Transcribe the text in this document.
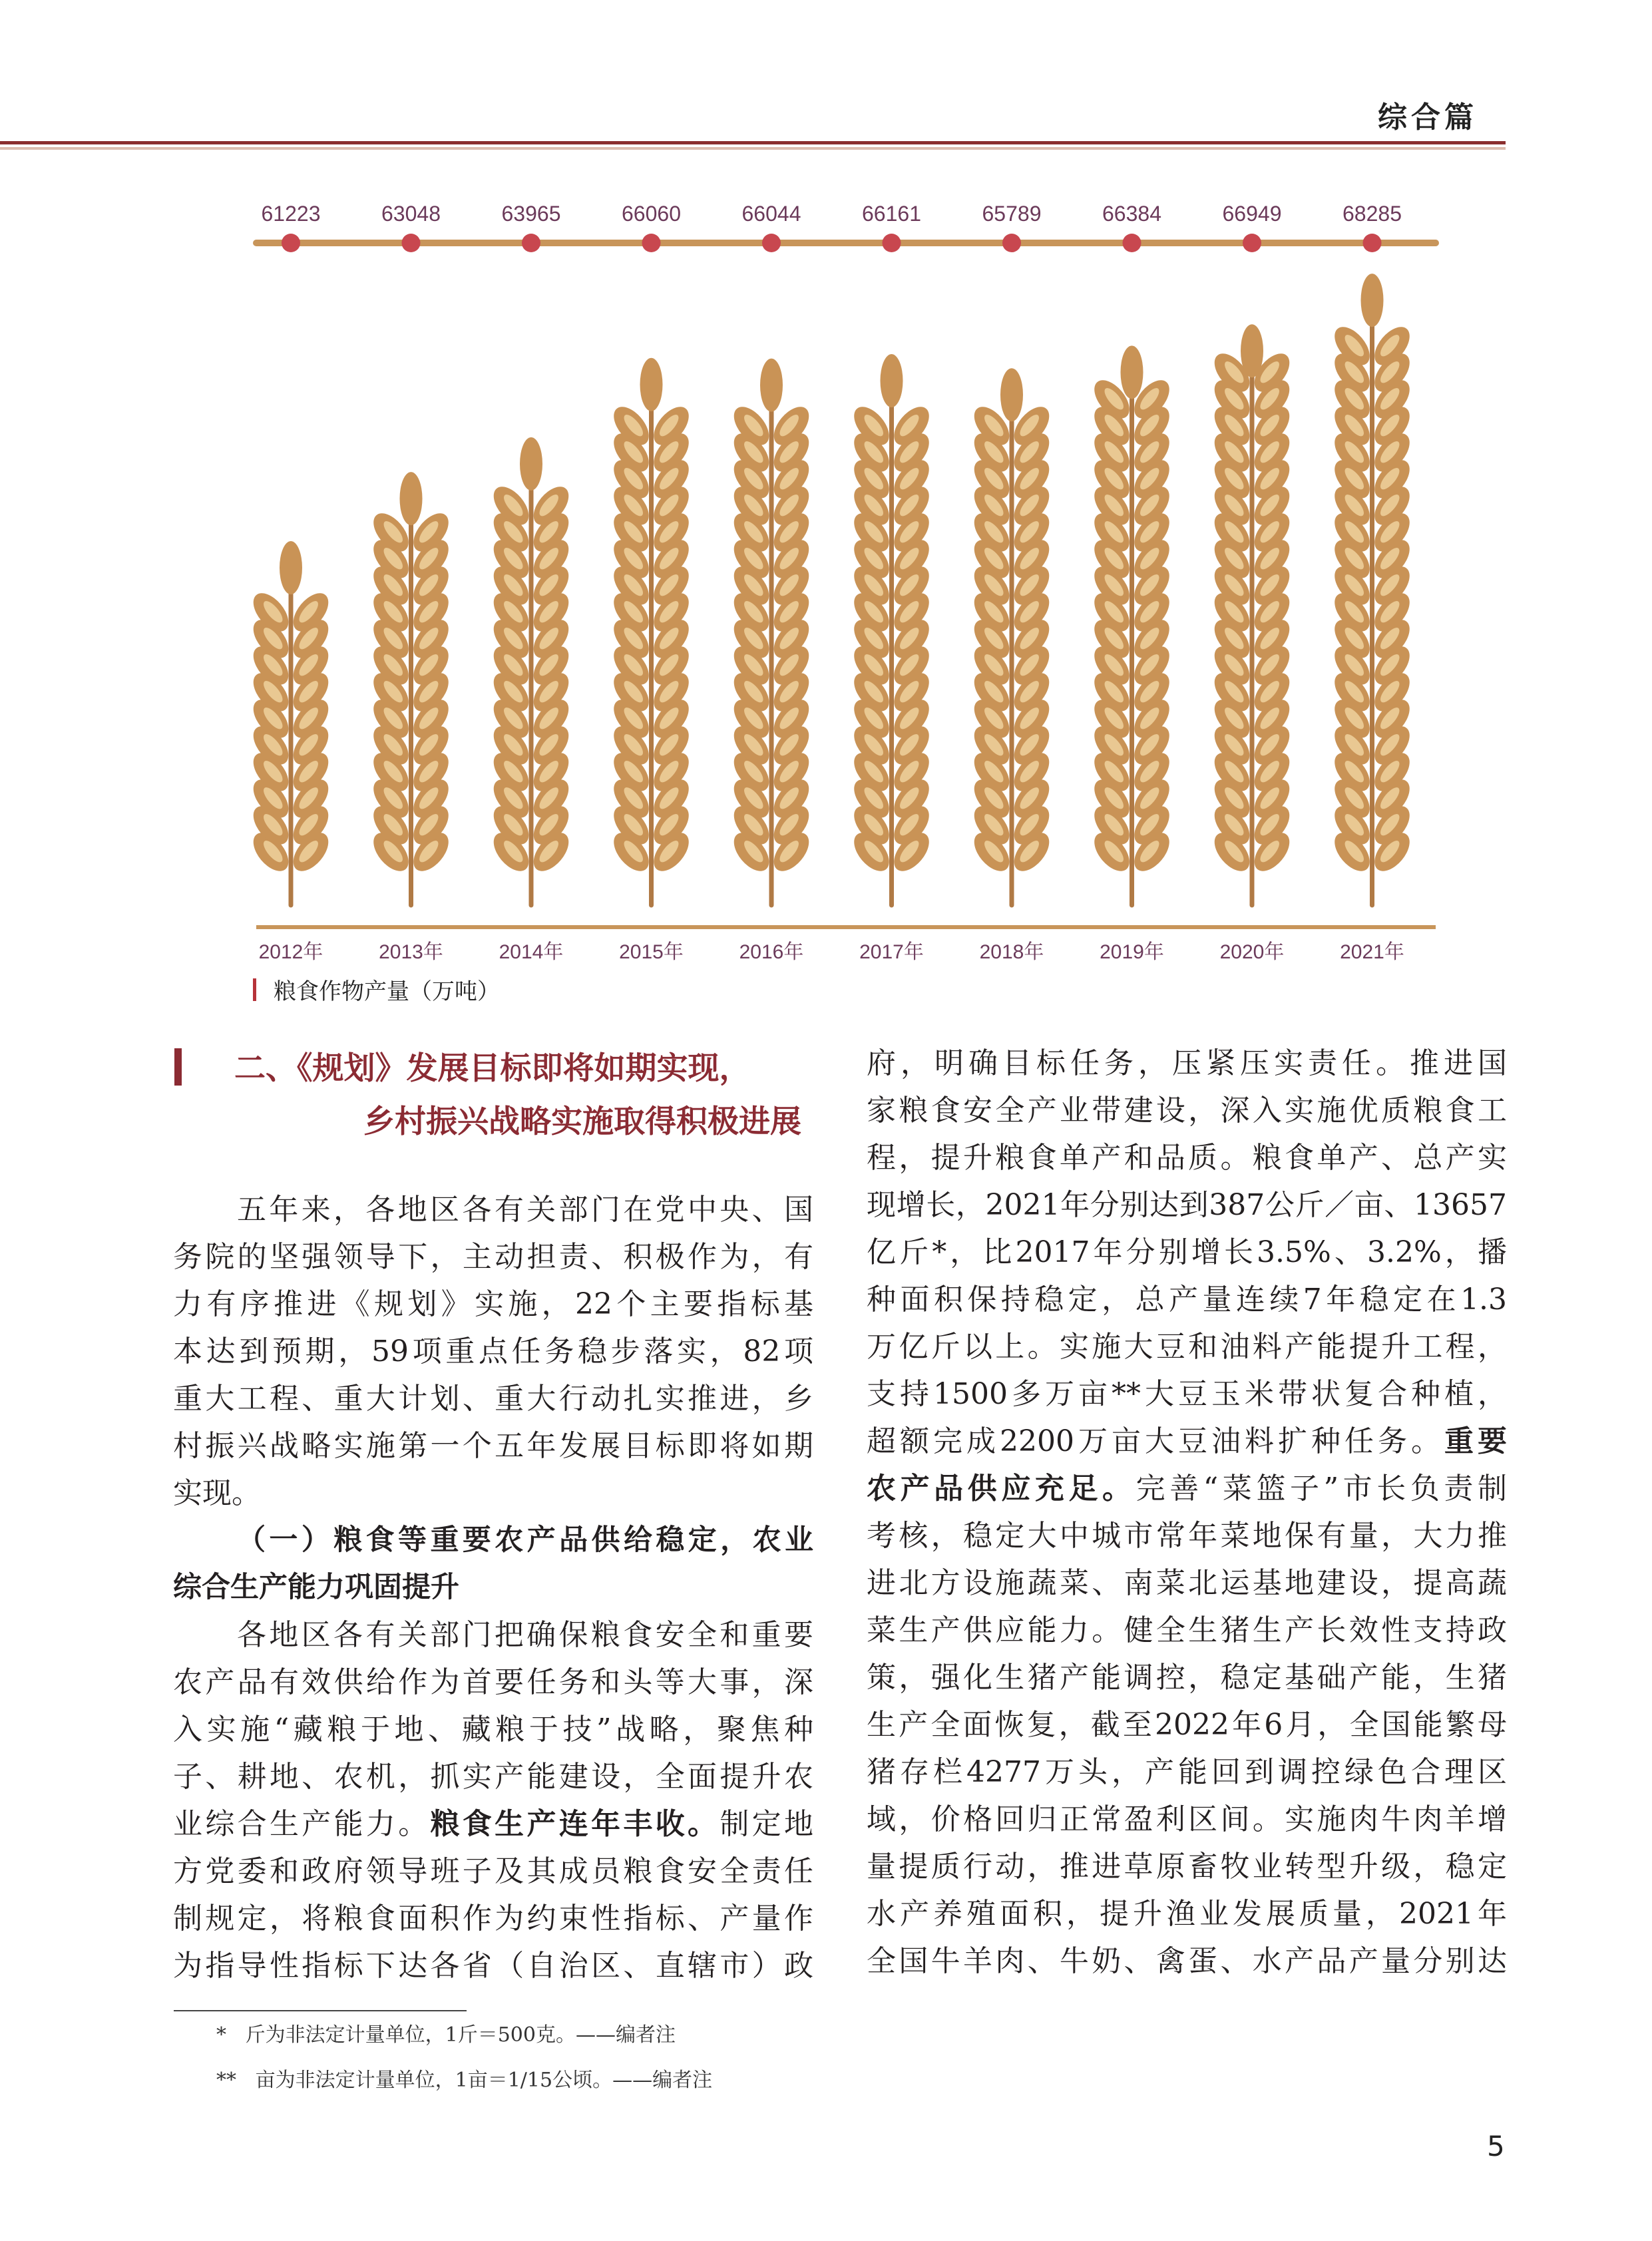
综合篇
61223
2012年
63048
2013年
63965
2014年
66060
2015年
66044
2016年
66161
2017年
65789
2018年
66384
2019年
66949
2020年
68285
2021年
粮食作物产量（万吨）
二、《规划》发展目标即将如期实现，
乡村振兴战略实施取得积极进展
五年来，各地区各有关部门在党中央、国
务院的坚强领导下，主动担责、积极作为，有
力有序推进《规划》实施，22个主要指标基
本达到预期，59项重点任务稳步落实，82项
重大工程、重大计划、重大行动扎实推进，乡
村振兴战略实施第一个五年发展目标即将如期
实现。
（一）粮食等重要农产品供给稳定，农业
综合生产能力巩固提升
各地区各有关部门把确保粮食安全和重要
农产品有效供给作为首要任务和头等大事，深
入实施“藏粮于地、藏粮于技”战略，聚焦种
子、耕地、农机，抓实产能建设，全面提升农
业综合生产能力。粮食生产连年丰收。制定地
方党委和政府领导班子及其成员粮食安全责任
制规定，将粮食面积作为约束性指标、产量作
为指导性指标下达各省（自治区、直辖市）政
府，明确目标任务，压紧压实责任。推进国
家粮食安全产业带建设，深入实施优质粮食工
程，提升粮食单产和品质。粮食单产、总产实
现增长，2021年分别达到387公斤／亩、13657
亿斤*，比2017年分别增长3.5%、3.2%，播
种面积保持稳定，总产量连续7年稳定在1.3
万亿斤以上。实施大豆和油料产能提升工程，
支持1500多万亩**大豆玉米带状复合种植，
超额完成2200万亩大豆油料扩种任务。重要
农产品供应充足。完善“菜篮子”市长负责制
考核，稳定大中城市常年菜地保有量，大力推
进北方设施蔬菜、南菜北运基地建设，提高蔬
菜生产供应能力。健全生猪生产长效性支持政
策，强化生猪产能调控，稳定基础产能，生猪
生产全面恢复，截至2022年6月，全国能繁母
猪存栏4277万头，产能回到调控绿色合理区
域，价格回归正常盈利区间。实施肉牛肉羊增
量提质行动，推进草原畜牧业转型升级，稳定
水产养殖面积，提升渔业发展质量，2021年
全国牛羊肉、牛奶、禽蛋、水产品产量分别达
* 斤为非法定计量单位，1斤＝500克。——编者注
** 亩为非法定计量单位，1亩＝1/15公顷。——编者注
5
